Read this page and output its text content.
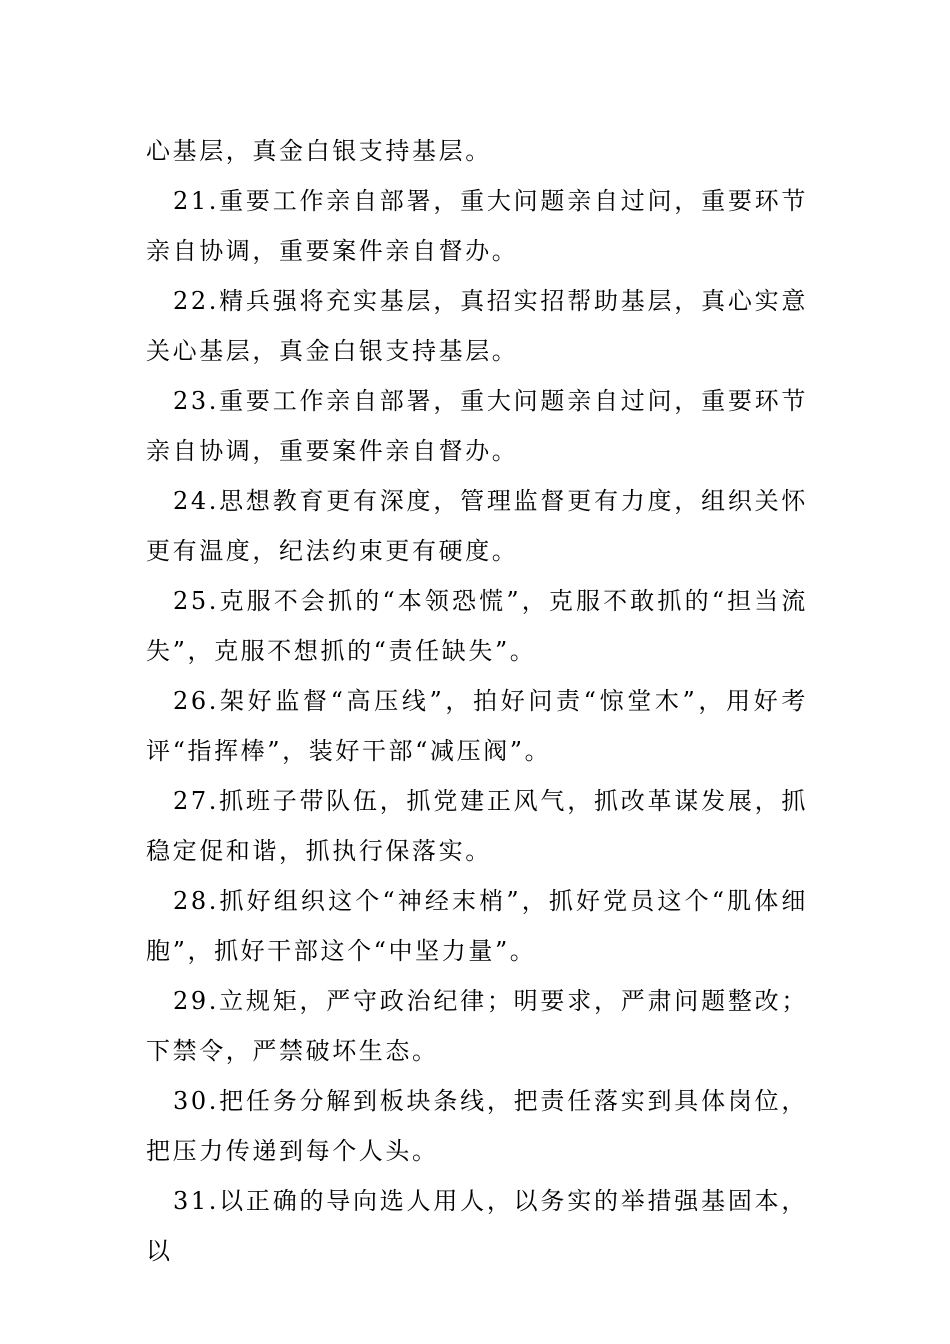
心基层，真金白银支持基层。

21.重要工作亲自部署，重大问题亲自过问，重要环节亲自协调，重要案件亲自督办。

22.精兵强将充实基层，真招实招帮助基层，真心实意关心基层，真金白银支持基层。

23.重要工作亲自部署，重大问题亲自过问，重要环节亲自协调，重要案件亲自督办。

24.思想教育更有深度，管理监督更有力度，组织关怀更有温度，纪法约束更有硬度。

25.克服不会抓的“本领恐慌”，克服不敢抓的“担当流失”，克服不想抓的“责任缺失”。

26.架好监督“高压线”，拍好问责“惊堂木”，用好考评“指挥棒”，装好干部“减压阀”。

27.抓班子带队伍，抓党建正风气，抓改革谋发展，抓稳定促和谐，抓执行保落实。

28.抓好组织这个“神经末梢”，抓好党员这个“肌体细胞”，抓好干部这个“中坚力量”。

29.立规矩，严守政治纪律；明要求，严肃问题整改；下禁令，严禁破坏生态。

30.把任务分解到板块条线，把责任落实到具体岗位，把压力传递到每个人头。

31.以正确的导向选人用人，以务实的举措强基固本，以
